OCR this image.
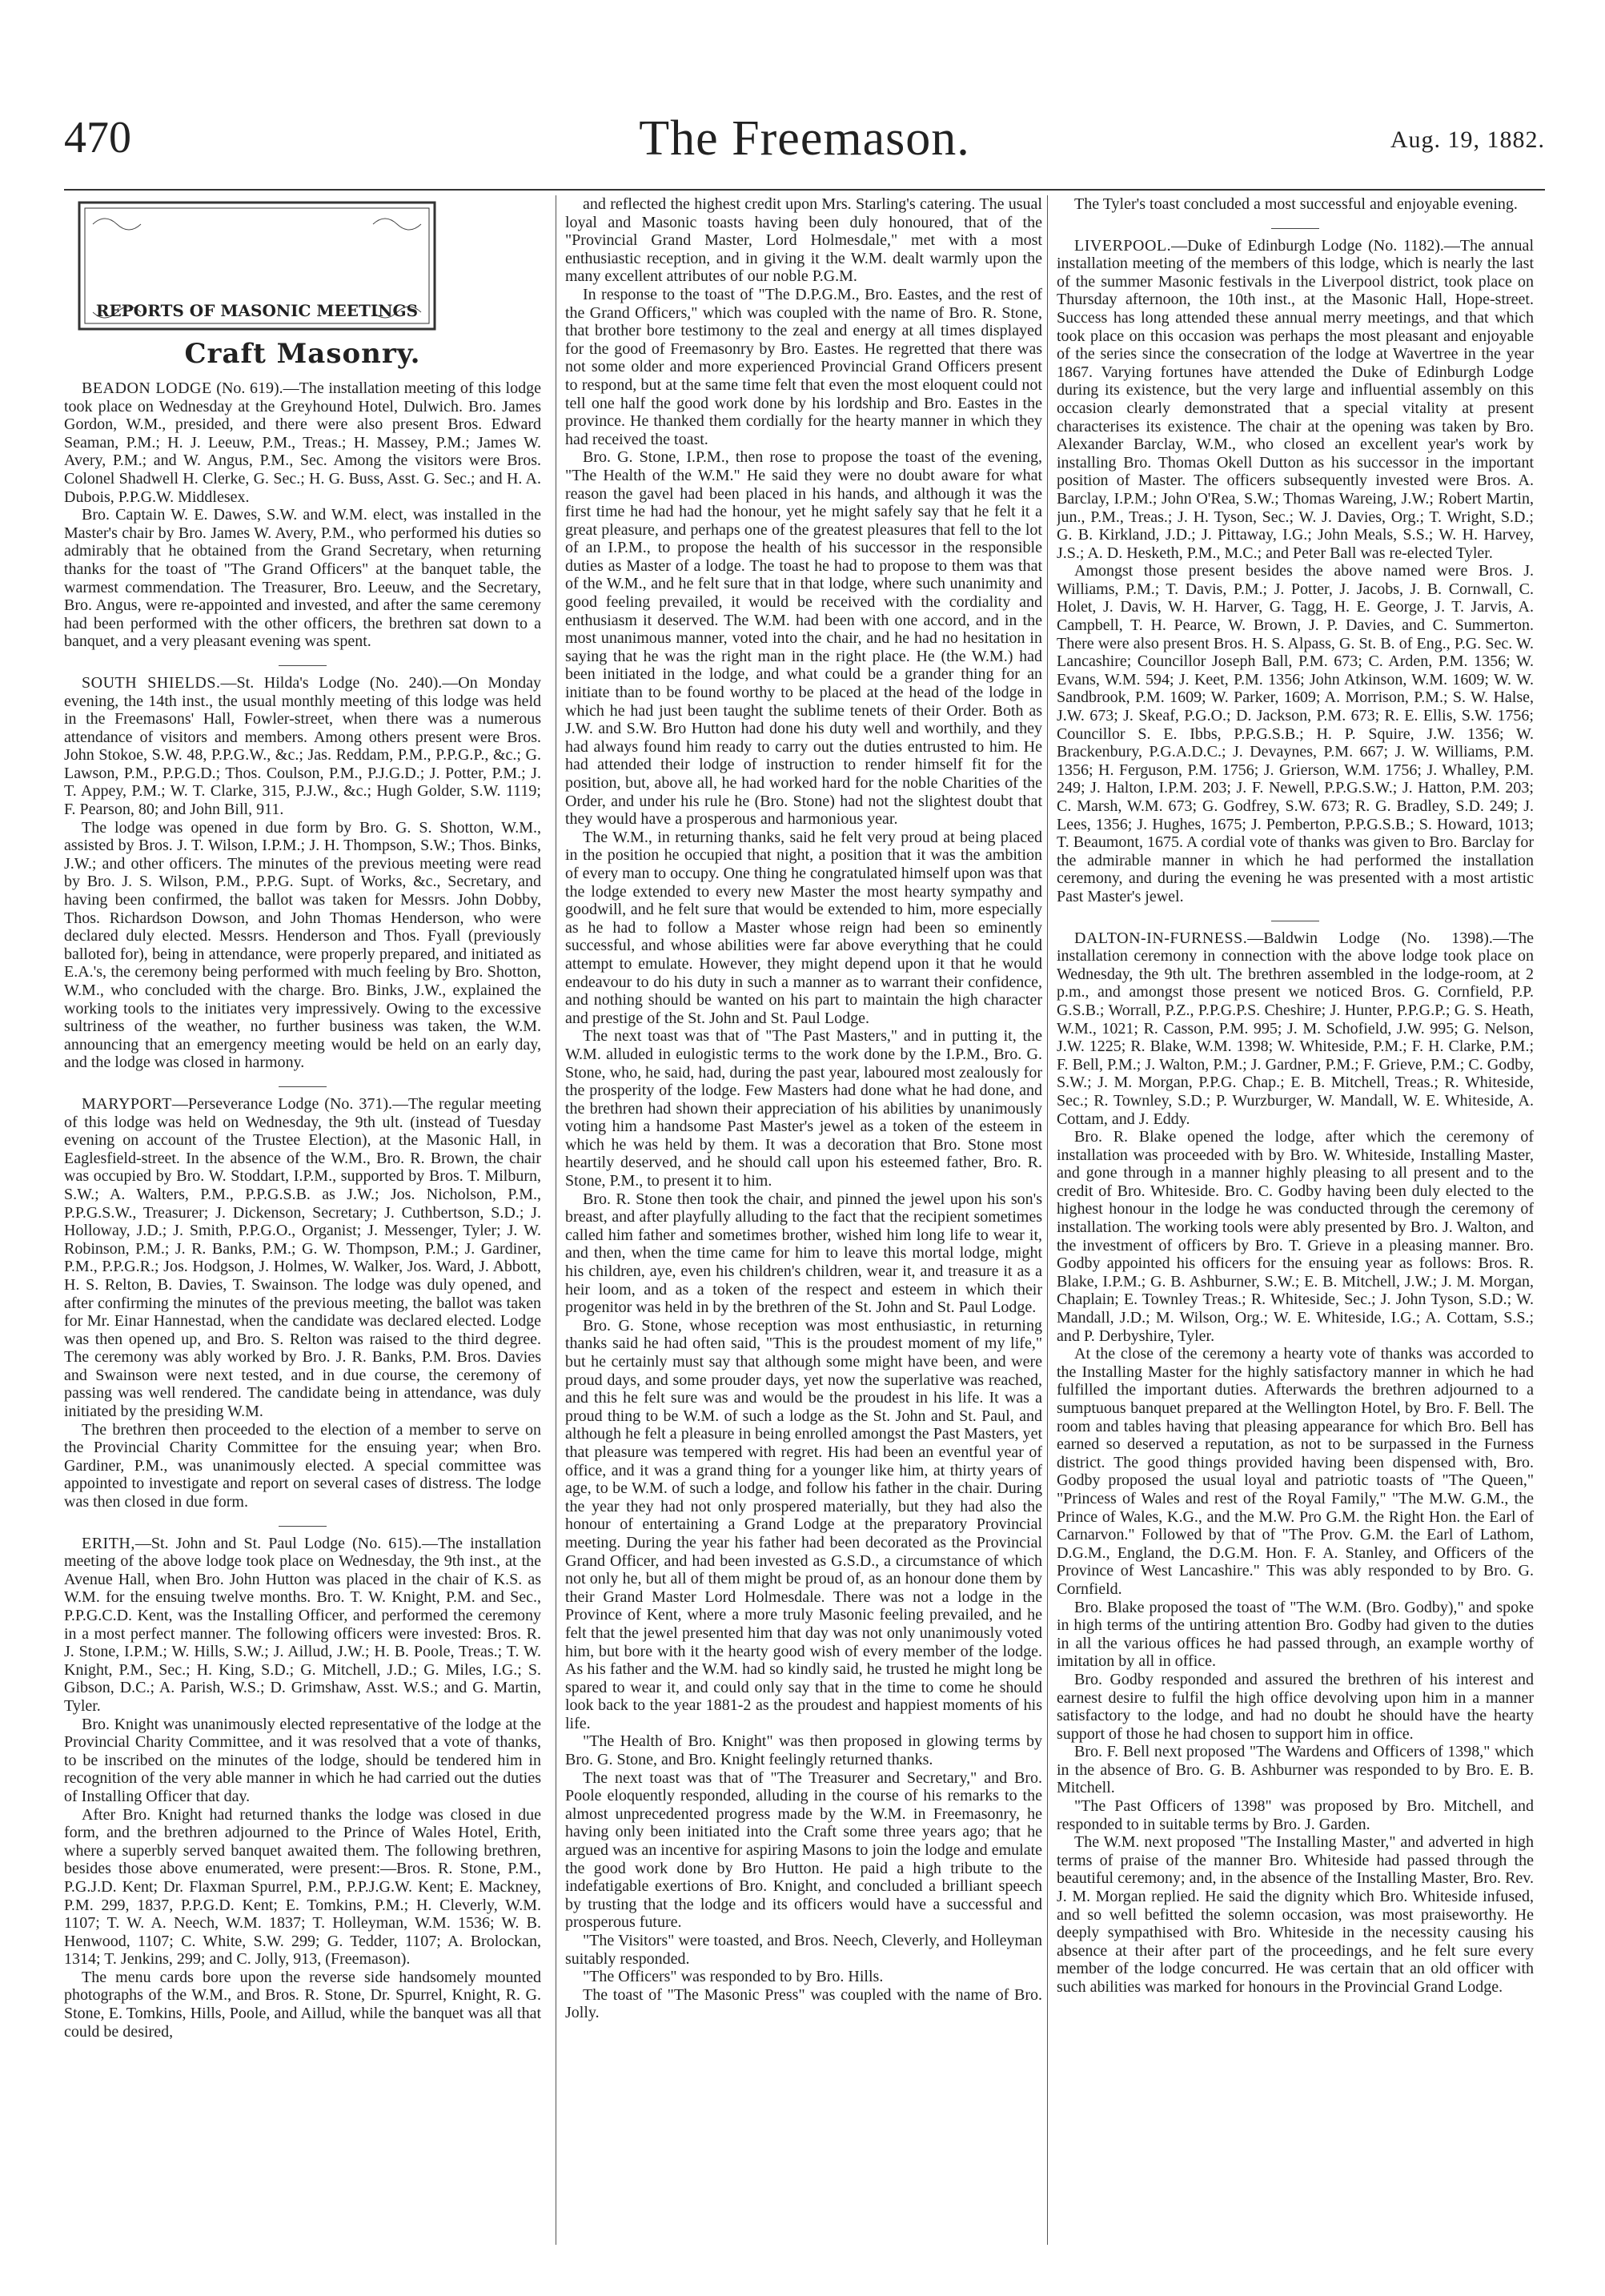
470	The Freemason.	Aug. 19, 1882.
REPORTS OF MASONIC MEETINGS
Craft Masonry.

BEADON LODGE (No. 619).—The installation meeting of this lodge took place on Wednesday at the Greyhound Hotel, Dulwich. Bro. James Gordon, W.M., presided, and there were also present Bros. Edward Seaman, P.M.; H. J. Leeuw, P.M., Treas.; H. Massey, P.M.; James W. Avery, P.M.; and W. Angus, P.M., Sec. Among the visitors were Bros. Colonel Shadwell H. Clerke, G. Sec.; H. G. Buss, Asst. G. Sec.; and H. A. Dubois, P.P.G.W. Middlesex.

Bro. Captain W. E. Dawes, S.W. and W.M. elect, was installed in the Master's chair by Bro. James W. Avery, P.M., who performed his duties so admirably that he obtained from the Grand Secretary, when returning thanks for the toast of "The Grand Officers" at the banquet table, the warmest commendation. The Treasurer, Bro. Leeuw, and the Secretary, Bro. Angus, were re-appointed and invested, and after the same ceremony had been performed with the other officers, the brethren sat down to a banquet, and a very pleasant evening was spent.

SOUTH SHIELDS.—St. Hilda's Lodge (No. 240).—On Monday evening, the 14th inst., the usual monthly meeting of this lodge was held in the Freemasons' Hall, Fowler-street, when there was a numerous attendance of visitors and members. Among others present were Bros. John Stokoe, S.W. 48, P.P.G.W., &c.; Jas. Reddam, P.M., P.P.G.P., &c.; G. Lawson, P.M., P.P.G.D.; Thos. Coulson, P.M., P.J.G.D.; J. Potter, P.M.; J. T. Appey, P.M.; W. T. Clarke, 315, P.J.W., &c.; Hugh Golder, S.W. 1119; F. Pearson, 80; and John Bill, 911.

The lodge was opened in due form by Bro. G. S. Shotton, W.M., assisted by Bros. J. T. Wilson, I.P.M.; J. H. Thompson, S.W.; Thos. Binks, J.W.; and other officers. The minutes of the previous meeting were read by Bro. J. S. Wilson, P.M., P.P.G. Supt. of Works, &c., Secretary, and having been confirmed, the ballot was taken for Messrs. John Dobby, Thos. Richardson Dowson, and John Thomas Henderson, who were declared duly elected. Messrs. Henderson and Thos. Fyall (previously balloted for), being in attendance, were properly prepared, and initiated as E.A.'s, the ceremony being performed with much feeling by Bro. Shotton, W.M., who concluded with the charge. Bro. Binks, J.W., explained the working tools to the initiates very impressively. Owing to the excessive sultriness of the weather, no further business was taken, the W.M. announcing that an emergency meeting would be held on an early day, and the lodge was closed in harmony.

MARYPORT—Perseverance Lodge (No. 371).—The regular meeting of this lodge was held on Wednesday, the 9th ult. (instead of Tuesday evening on account of the Trustee Election), at the Masonic Hall, in Eaglesfield-street. In the absence of the W.M., Bro. R. Brown, the chair was occupied by Bro. W. Stoddart, I.P.M., supported by Bros. T. Milburn, S.W.; A. Walters, P.M., P.P.G.S.B. as J.W.; Jos. Nicholson, P.M., P.P.G.S.W., Treasurer; J. Dickenson, Secretary; J. Cuthbertson, S.D.; J. Holloway, J.D.; J. Smith, P.P.G.O., Organist; J. Messenger, Tyler; J. W. Robinson, P.M.; J. R. Banks, P.M.; G. W. Thompson, P.M.; J. Gardiner, P.M., P.P.G.R.; Jos. Hodgson, J. Holmes, W. Walker, Jos. Ward, J. Abbott, H. S. Relton, B. Davies, T. Swainson. The lodge was duly opened, and after confirming the minutes of the previous meeting, the ballot was taken for Mr. Einar Hannestad, when the candidate was declared elected. Lodge was then opened up, and Bro. S. Relton was raised to the third degree. The ceremony was ably worked by Bro. J. R. Banks, P.M. Bros. Davies and Swainson were next tested, and in due course, the ceremony of passing was well rendered. The candidate being in attendance, was duly initiated by the presiding W.M.

The brethren then proceeded to the election of a member to serve on the Provincial Charity Committee for the ensuing year; when Bro. Gardiner, P.M., was unanimously elected. A special committee was appointed to investigate and report on several cases of distress. The lodge was then closed in due form.

ERITH,—St. John and St. Paul Lodge (No. 615).—The installation meeting of the above lodge took place on Wednesday, the 9th inst., at the Avenue Hall, when Bro. John Hutton was placed in the chair of K.S. as W.M. for the ensuing twelve months. Bro. T. W. Knight, P.M. and Sec., P.P.G.C.D. Kent, was the Installing Officer, and performed the ceremony in a most perfect manner. The following officers were invested: Bros. R. J. Stone, I.P.M.; W. Hills, S.W.; J. Aillud, J.W.; H. B. Poole, Treas.; T. W. Knight, P.M., Sec.; H. King, S.D.; G. Mitchell, J.D.; G. Miles, I.G.; S. Gibson, D.C.; A. Parish, W.S.; D. Grimshaw, Asst. W.S.; and G. Martin, Tyler.

Bro. Knight was unanimously elected representative of the lodge at the Provincial Charity Committee, and it was resolved that a vote of thanks, to be inscribed on the minutes of the lodge, should be tendered him in recognition of the very able manner in which he had carried out the duties of Installing Officer that day.

After Bro. Knight had returned thanks the lodge was closed in due form, and the brethren adjourned to the Prince of Wales Hotel, Erith, where a superbly served banquet awaited them. The following brethren, besides those above enumerated, were present:—Bros. R. Stone, P.M., P.G.J.D. Kent; Dr. Flaxman Spurrel, P.M., P.P.J.G.W. Kent; E. Mackney, P.M. 299, 1837, P.P.G.D. Kent; E. Tomkins, P.M.; H. Cleverly, W.M. 1107; T. W. A. Neech, W.M. 1837; T. Holleyman, W.M. 1536; W. B. Henwood, 1107; C. White, S.W. 299; G. Tedder, 1107; A. Brolockan, 1314; T. Jenkins, 299; and C. Jolly, 913, (Freemason).

The menu cards bore upon the reverse side handsomely mounted photographs of the W.M., and Bros. R. Stone, Dr. Spurrel, Knight, R. G. Stone, E. Tomkins, Hills, Poole, and Aillud, while the banquet was all that could be desired,

and reflected the highest credit upon Mrs. Starling's catering. The usual loyal and Masonic toasts having been duly honoured, that of the "Provincial Grand Master, Lord Holmesdale," met with a most enthusiastic reception, and in giving it the W.M. dealt warmly upon the many excellent attributes of our noble P.G.M.

In response to the toast of "The D.P.G.M., Bro. Eastes, and the rest of the Grand Officers," which was coupled with the name of Bro. R. Stone, that brother bore testimony to the zeal and energy at all times displayed for the good of Freemasonry by Bro. Eastes. He regretted that there was not some older and more experienced Provincial Grand Officers present to respond, but at the same time felt that even the most eloquent could not tell one half the good work done by his lordship and Bro. Eastes in the province. He thanked them cordially for the hearty manner in which they had received the toast.

Bro. G. Stone, I.P.M., then rose to propose the toast of the evening, "The Health of the W.M." He said they were no doubt aware for what reason the gavel had been placed in his hands, and although it was the first time he had had the honour, yet he might safely say that he felt it a great pleasure, and perhaps one of the greatest pleasures that fell to the lot of an I.P.M., to propose the health of his successor in the responsible duties as Master of a lodge. The toast he had to propose to them was that of the W.M., and he felt sure that in that lodge, where such unanimity and good feeling prevailed, it would be received with the cordiality and enthusiasm it deserved. The W.M. had been with one accord, and in the most unanimous manner, voted into the chair, and he had no hesitation in saying that he was the right man in the right place. He (the W.M.) had been initiated in the lodge, and what could be a grander thing for an initiate than to be found worthy to be placed at the head of the lodge in which he had just been taught the sublime tenets of their Order. Both as J.W. and S.W. Bro Hutton had done his duty well and worthily, and they had always found him ready to carry out the duties entrusted to him. He had attended their lodge of instruction to render himself fit for the position, but, above all, he had worked hard for the noble Charities of the Order, and under his rule he (Bro. Stone) had not the slightest doubt that they would have a prosperous and harmonious year.

The W.M., in returning thanks, said he felt very proud at being placed in the position he occupied that night, a position that it was the ambition of every man to occupy. One thing he congratulated himself upon was that the lodge extended to every new Master the most hearty sympathy and goodwill, and he felt sure that would be extended to him, more especially as he had to follow a Master whose reign had been so eminently successful, and whose abilities were far above everything that he could attempt to emulate. However, they might depend upon it that he would endeavour to do his duty in such a manner as to warrant their confidence, and nothing should be wanted on his part to maintain the high character and prestige of the St. John and St. Paul Lodge.

The next toast was that of "The Past Masters," and in putting it, the W.M. alluded in eulogistic terms to the work done by the I.P.M., Bro. G. Stone, who, he said, had, during the past year, laboured most zealously for the prosperity of the lodge. Few Masters had done what he had done, and the brethren had shown their appreciation of his abilities by unanimously voting him a handsome Past Master's jewel as a token of the esteem in which he was held by them. It was a decoration that Bro. Stone most heartily deserved, and he should call upon his esteemed father, Bro. R. Stone, P.M., to present it to him.

Bro. R. Stone then took the chair, and pinned the jewel upon his son's breast, and after playfully alluding to the fact that the recipient sometimes called him father and sometimes brother, wished him long life to wear it, and then, when the time came for him to leave this mortal lodge, might his children, aye, even his children's children, wear it, and treasure it as a heir loom, and as a token of the respect and esteem in which their progenitor was held in by the brethren of the St. John and St. Paul Lodge.

Bro. G. Stone, whose reception was most enthusiastic, in returning thanks said he had often said, "This is the proudest moment of my life," but he certainly must say that although some might have been, and were proud days, and some prouder days, yet now the superlative was reached, and this he felt sure was and would be the proudest in his life. It was a proud thing to be W.M. of such a lodge as the St. John and St. Paul, and although he felt a pleasure in being enrolled amongst the Past Masters, yet that pleasure was tempered with regret. His had been an eventful year of office, and it was a grand thing for a younger like him, at thirty years of age, to be W.M. of such a lodge, and follow his father in the chair. During the year they had not only prospered materially, but they had also the honour of entertaining a Grand Lodge at the preparatory Provincial meeting. During the year his father had been decorated as the Provincial Grand Officer, and had been invested as G.S.D., a circumstance of which not only he, but all of them might be proud of, as an honour done them by their Grand Master Lord Holmesdale. There was not a lodge in the Province of Kent, where a more truly Masonic feeling prevailed, and he felt that the jewel presented him that day was not only unanimously voted him, but bore with it the hearty good wish of every member of the lodge. As his father and the W.M. had so kindly said, he trusted he might long be spared to wear it, and could only say that in the time to come he should look back to the year 1881-2 as the proudest and happiest moments of his life.

"The Health of Bro. Knight" was then proposed in glowing terms by Bro. G. Stone, and Bro. Knight feelingly returned thanks.

The next toast was that of "The Treasurer and Secretary," and Bro. Poole eloquently responded, alluding in the course of his remarks to the almost unprecedented progress made by the W.M. in Freemasonry, he having only been initiated into the Craft some three years ago; that he argued was an incentive for aspiring Masons to join the lodge and emulate the good work done by Bro Hutton. He paid a high tribute to the indefatigable exertions of Bro. Knight, and concluded a brilliant speech by trusting that the lodge and its officers would have a successful and prosperous future.

"The Visitors" were toasted, and Bros. Neech, Cleverly, and Holleyman suitably responded.

"The Officers" was responded to by Bro. Hills.

The toast of "The Masonic Press" was coupled with the name of Bro. Jolly.

The Tyler's toast concluded a most successful and enjoyable evening.

LIVERPOOL.—Duke of Edinburgh Lodge (No. 1182).—The annual installation meeting of the members of this lodge, which is nearly the last of the summer Masonic festivals in the Liverpool district, took place on Thursday afternoon, the 10th inst., at the Masonic Hall, Hope-street. Success has long attended these annual merry meetings, and that which took place on this occasion was perhaps the most pleasant and enjoyable of the series since the consecration of the lodge at Wavertree in the year 1867. Varying fortunes have attended the Duke of Edinburgh Lodge during its existence, but the very large and influential assembly on this occasion clearly demonstrated that a special vitality at present characterises its existence. The chair at the opening was taken by Bro. Alexander Barclay, W.M., who closed an excellent year's work by installing Bro. Thomas Okell Dutton as his successor in the important position of Master. The officers subsequently invested were Bros. A. Barclay, I.P.M.; John O'Rea, S.W.; Thomas Wareing, J.W.; Robert Martin, jun., P.M., Treas.; J. H. Tyson, Sec.; W. J. Davies, Org.; T. Wright, S.D.; G. B. Kirkland, J.D.; J. Pittaway, I.G.; John Meals, S.S.; W. H. Harvey, J.S.; A. D. Hesketh, P.M., M.C.; and Peter Ball was re-elected Tyler.

Amongst those present besides the above named were Bros. J. Williams, P.M.; T. Davis, P.M.; J. Potter, J. Jacobs, J. B. Cornwall, C. Holet, J. Davis, W. H. Harver, G. Tagg, H. E. George, J. T. Jarvis, A. Campbell, T. H. Pearce, W. Brown, J. P. Davies, and C. Summerton. There were also present Bros. H. S. Alpass, G. St. B. of Eng., P.G. Sec. W. Lancashire; Councillor Joseph Ball, P.M. 673; C. Arden, P.M. 1356; W. Evans, W.M. 594; J. Keet, P.M. 1356; John Atkinson, W.M. 1609; W. W. Sandbrook, P.M. 1609; W. Parker, 1609; A. Morrison, P.M.; S. W. Halse, J.W. 673; J. Skeaf, P.G.O.; D. Jackson, P.M. 673; R. E. Ellis, S.W. 1756; Councillor S. E. Ibbs, P.P.G.S.B.; H. P. Squire, J.W. 1356; W. Brackenbury, P.G.A.D.C.; J. Devaynes, P.M. 667; J. W. Williams, P.M. 1356; H. Ferguson, P.M. 1756; J. Grierson, W.M. 1756; J. Whalley, P.M. 249; J. Halton, I.P.M. 203; J. F. Newell, P.P.G.S.W.; J. Hatton, P.M. 203; C. Marsh, W.M. 673; G. Godfrey, S.W. 673; R. G. Bradley, S.D. 249; J. Lees, 1356; J. Hughes, 1675; J. Pemberton, P.P.G.S.B.; S. Howard, 1013; T. Beaumont, 1675. A cordial vote of thanks was given to Bro. Barclay for the admirable manner in which he had performed the installation ceremony, and during the evening he was presented with a most artistic Past Master's jewel.

DALTON-IN-FURNESS.—Baldwin Lodge (No. 1398).—The installation ceremony in connection with the above lodge took place on Wednesday, the 9th ult. The brethren assembled in the lodge-room, at 2 p.m., and amongst those present we noticed Bros. G. Cornfield, P.P. G.S.B.; Worrall, P.Z., P.P.G.P.S. Cheshire; J. Hunter, P.P.G.P.; G. S. Heath, W.M., 1021; R. Casson, P.M. 995; J. M. Schofield, J.W. 995; G. Nelson, J.W. 1225; R. Blake, W.M. 1398; W. Whiteside, P.M.; F. H. Clarke, P.M.; F. Bell, P.M.; J. Walton, P.M.; J. Gardner, P.M.; F. Grieve, P.M.; C. Godby, S.W.; J. M. Morgan, P.P.G. Chap.; E. B. Mitchell, Treas.; R. Whiteside, Sec.; R. Townley, S.D.; P. Wurzburger, W. Mandall, W. E. Whiteside, A. Cottam, and J. Eddy.

Bro. R. Blake opened the lodge, after which the ceremony of installation was proceeded with by Bro. W. Whiteside, Installing Master, and gone through in a manner highly pleasing to all present and to the credit of Bro. Whiteside. Bro. C. Godby having been duly elected to the highest honour in the lodge he was conducted through the ceremony of installation. The working tools were ably presented by Bro. J. Walton, and the investment of officers by Bro. T. Grieve in a pleasing manner. Bro. Godby appointed his officers for the ensuing year as follows: Bros. R. Blake, I.P.M.; G. B. Ashburner, S.W.; E. B. Mitchell, J.W.; J. M. Morgan, Chaplain; E. Townley Treas.; R. Whiteside, Sec.; J. John Tyson, S.D.; W. Mandall, J.D.; M. Wilson, Org.; W. E. Whiteside, I.G.; A. Cottam, S.S.; and P. Derbyshire, Tyler.

At the close of the ceremony a hearty vote of thanks was accorded to the Installing Master for the highly satisfactory manner in which he had fulfilled the important duties. Afterwards the brethren adjourned to a sumptuous banquet prepared at the Wellington Hotel, by Bro. F. Bell. The room and tables having that pleasing appearance for which Bro. Bell has earned so deserved a reputation, as not to be surpassed in the Furness district. The good things provided having been dispensed with, Bro. Godby proposed the usual loyal and patriotic toasts of "The Queen," "Princess of Wales and rest of the Royal Family," "The M.W. G.M., the Prince of Wales, K.G., and the M.W. Pro G.M. the Right Hon. the Earl of Carnarvon." Followed by that of "The Prov. G.M. the Earl of Lathom, D.G.M., England, the D.G.M. Hon. F. A. Stanley, and Officers of the Province of West Lancashire." This was ably responded to by Bro. G. Cornfield.

Bro. Blake proposed the toast of "The W.M. (Bro. Godby)," and spoke in high terms of the untiring attention Bro. Godby had given to the duties in all the various offices he had passed through, an example worthy of imitation by all in office.

Bro. Godby responded and assured the brethren of his interest and earnest desire to fulfil the high office devolving upon him in a manner satisfactory to the lodge, and had no doubt he should have the hearty support of those he had chosen to support him in office.

Bro. F. Bell next proposed "The Wardens and Officers of 1398," which in the absence of Bro. G. B. Ashburner was responded to by Bro. E. B. Mitchell.

"The Past Officers of 1398" was proposed by Bro. Mitchell, and responded to in suitable terms by Bro. J. Garden.

The W.M. next proposed "The Installing Master," and adverted in high terms of praise of the manner Bro. Whiteside had passed through the beautiful ceremony; and, in the absence of the Installing Master, Bro. Rev. J. M. Morgan replied. He said the dignity which Bro. Whiteside infused, and so well befitted the solemn occasion, was most praiseworthy. He deeply sympathised with Bro. Whiteside in the necessity causing his absence at their after part of the proceedings, and he felt sure every member of the lodge concurred. He was certain that an old officer with such abilities was marked for honours in the Provincial Grand Lodge.
